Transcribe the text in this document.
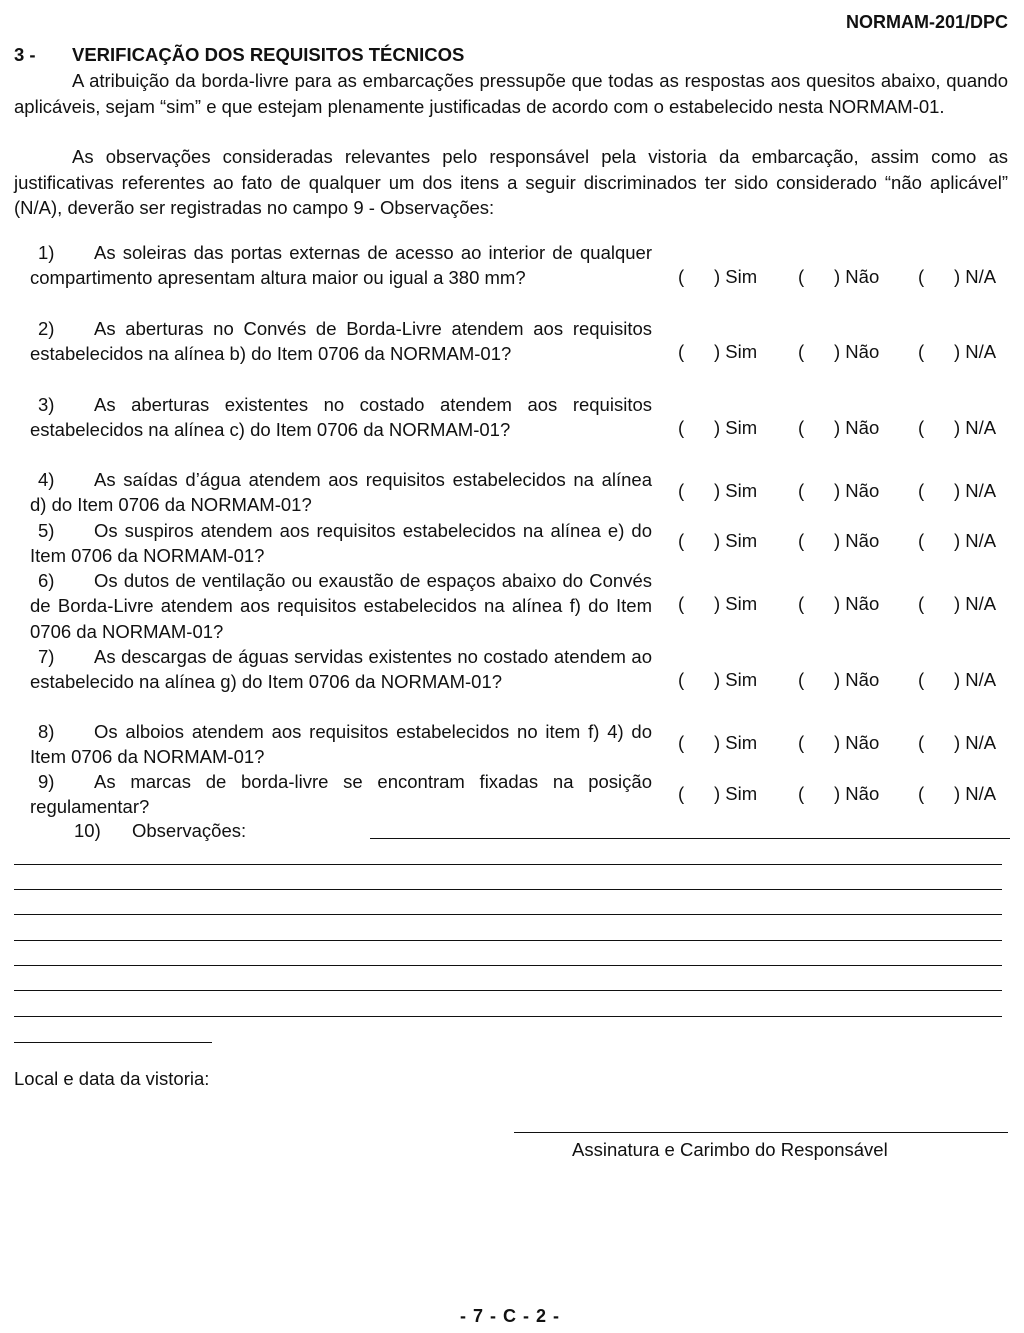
NORMAM-201/DPC
3 - VERIFICAÇÃO DOS REQUISITOS TÉCNICOS
A atribuição da borda-livre para as embarcações pressupõe que todas as respostas aos quesitos abaixo, quando aplicáveis, sejam “sim” e que estejam plenamente justificadas de acordo com o estabelecido nesta NORMAM-01.
As observações consideradas relevantes pelo responsável pela vistoria da embarcação, assim como as justificativas referentes ao fato de qualquer um dos itens a seguir discriminados ter sido considerado “não aplicável” (N/A), deverão ser registradas no campo 9 - Observações:
1) As soleiras das portas externas de acesso ao interior de qualquer compartimento apresentam altura maior ou igual a 380 mm?	( ) Sim ( ) Não ( ) N/A
2) As aberturas no Convés de Borda-Livre atendem aos requisitos estabelecidos na alínea b) do Item 0706 da NORMAM-01?	( ) Sim ( ) Não ( ) N/A
3) As aberturas existentes no costado atendem aos requisitos estabelecidos na alínea c) do Item 0706 da NORMAM-01?	( ) Sim ( ) Não ( ) N/A
4) As saídas d’água atendem aos requisitos estabelecidos na alínea d) do Item 0706 da NORMAM-01?
( ) Sim ( ) Não ( ) N/A
5) Os suspiros atendem aos requisitos estabelecidos na alínea e) do Item 0706 da NORMAM-01?
( ) Sim ( ) Não ( ) N/A
6) Os dutos de ventilação ou exaustão de espaços abaixo do Convés de Borda-Livre atendem aos requisitos estabelecidos na alínea f) do Item 0706 da NORMAM-01?
( ) Sim ( ) Não ( ) N/A
7) As descargas de águas servidas existentes no costado atendem ao estabelecido na alínea g) do Item 0706 da NORMAM-01?	( ) Sim ( ) Não ( ) N/A
8) Os alboios atendem aos requisitos estabelecidos no item f) 4) do Item 0706 da NORMAM-01?
( ) Sim ( ) Não ( ) N/A
9) As marcas de borda-livre se encontram fixadas na posição regulamentar?
( ) Sim ( ) Não ( ) N/A
10) Observações:
Local e data da vistoria:
Assinatura e Carimbo do Responsável
- 7 - C - 2 -
